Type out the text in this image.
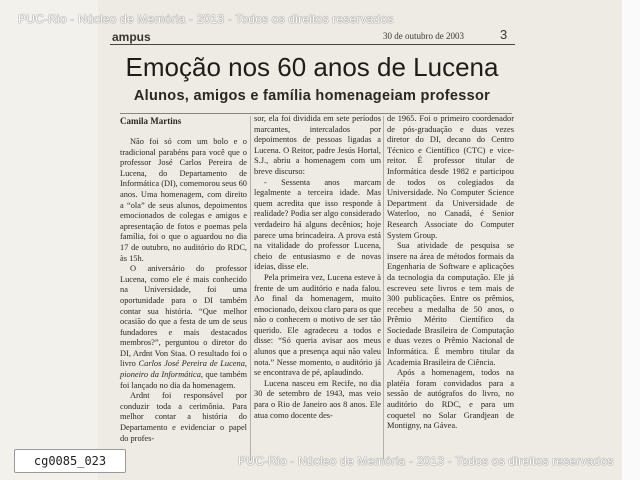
PUC-Rio - Núcleo de Memória - 2013 - Todos os direitos reservados
ampus	30 de outubro de 2003	3
Emoção nos 60 anos de Lucena
Alunos, amigos e família homenageiam professor
Camila Martins

Não foi só com um bolo e o tradicional parabéns para você que o professor José Carlos Pereira de Lucena, do Departamento de Informática (DI), comemorou seus 60 anos. Uma homenagem, com direito a “ola” de seus alunos, depoimentos emocionados de colegas e amigos e apresentação de fotos e poemas pela família, foi o que o aguardou no dia 17 de outubro, no auditório do RDC, às 15h.

O aniversário do professor Lucena, como ele é mais conhecido na Universidade, foi uma oportunidade para o DI também contar sua história. “Que melhor ocasião do que a festa de um de seus fundadores e mais destacados membros?”, perguntou o diretor do DI, Ardnt Von Staa. O resultado foi o livro Carlos José Pereira de Lucena, pioneiro da Informática, que também foi lançado no dia da homenagem.

Ardnt foi responsável por conduzir toda a cerimônia. Para melhor contar a história do Departamento e evidenciar o papel do profes-

sor, ela foi dividida em sete períodos marcantes, intercalados por depoimentos de pessoas ligadas a Lucena. O Reitor, padre Jesús Hortal, S.J., abriu a homenagem com um breve discurso:

- Sessenta anos marcam legalmente a terceira idade. Mas quem acredita que isso responde à realidade? Podia ser algo considerado verdadeiro há alguns decênios; hoje parece uma brincadeira. A prova está na vitalidade do professor Lucena, cheio de entusiasmo e de novas ideias, disse ele.

Pela primeira vez, Lucena esteve à frente de um auditório e nada falou. Ao final da homenagem, muito emocionado, deixou claro para os que não o conhecem o motivo de ser tão querido. Ele agradeceu a todos e disse: “Só queria avisar aos meus alunos que a presença aqui não valeu nota.” Nesse momento, o auditório já se encontrava de pé, aplaudindo.

Lucena nasceu em Recife, no dia 30 de setembro de 1943, mas veio para o Rio de Janeiro aos 8 anos. Ele atua como docente des-

de 1965. Foi o primeiro coordenador de pós-graduação e duas vezes diretor do DI, decano do Centro Técnico e Científico (CTC) e vice-reitor. É professor titular de Informática desde 1982 e participou de todos os colegiados da Universidade. No Computer Science Department da Universidade de Waterloo, no Canadá, é Senior Research Associate do Computer System Group.

Sua atividade de pesquisa se insere na área de métodos formais da Engenharia de Software e aplicações da tecnologia da computação. Ele já escreveu sete livros e tem mais de 300 publicações. Entre os prêmios, recebeu a medalha de 50 anos, o Prêmio Mérito Científico da Sociedade Brasileira de Computação e duas vezes o Prêmio Nacional de Informática. É membro titular da Academia Brasileira de Ciência.

Após a homenagem, todos na platéia foram convidados para a sessão de autógrafos do livro, no auditório do RDC, e para um coquetel no Solar Grandjean de Montigny, na Gávea.

PUC-Rio - Núcleo de Memória - 2013 - Todos os direitos reservados
cg0085_023
